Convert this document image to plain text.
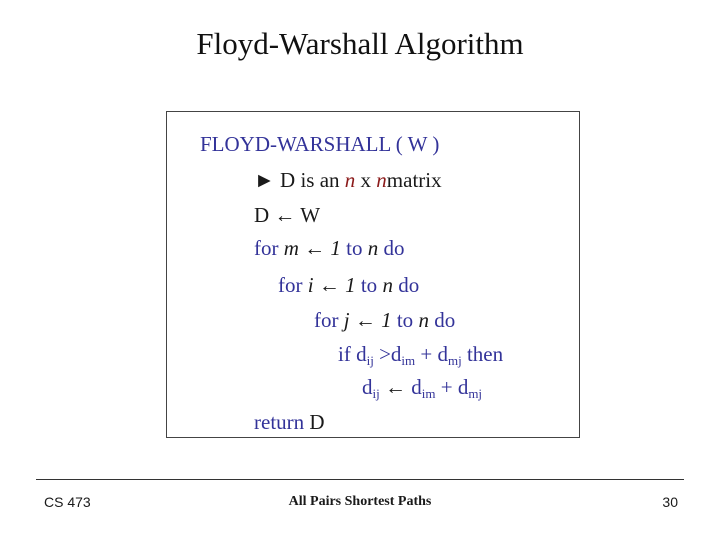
Floyd-Warshall Algorithm
FLOYD-WARSHALL ( W )
► D is an n x nmatrix
D ← W
for m ← 1 to n do
for i ← 1 to n do
for j ← 1 to n do
if $d_{ij} >d_{im} + d_{mj}$ then
$d_{ij}$ ← $d_{im} + d_{mj}$
return D
CS 473	All Pairs Shortest Paths	30
